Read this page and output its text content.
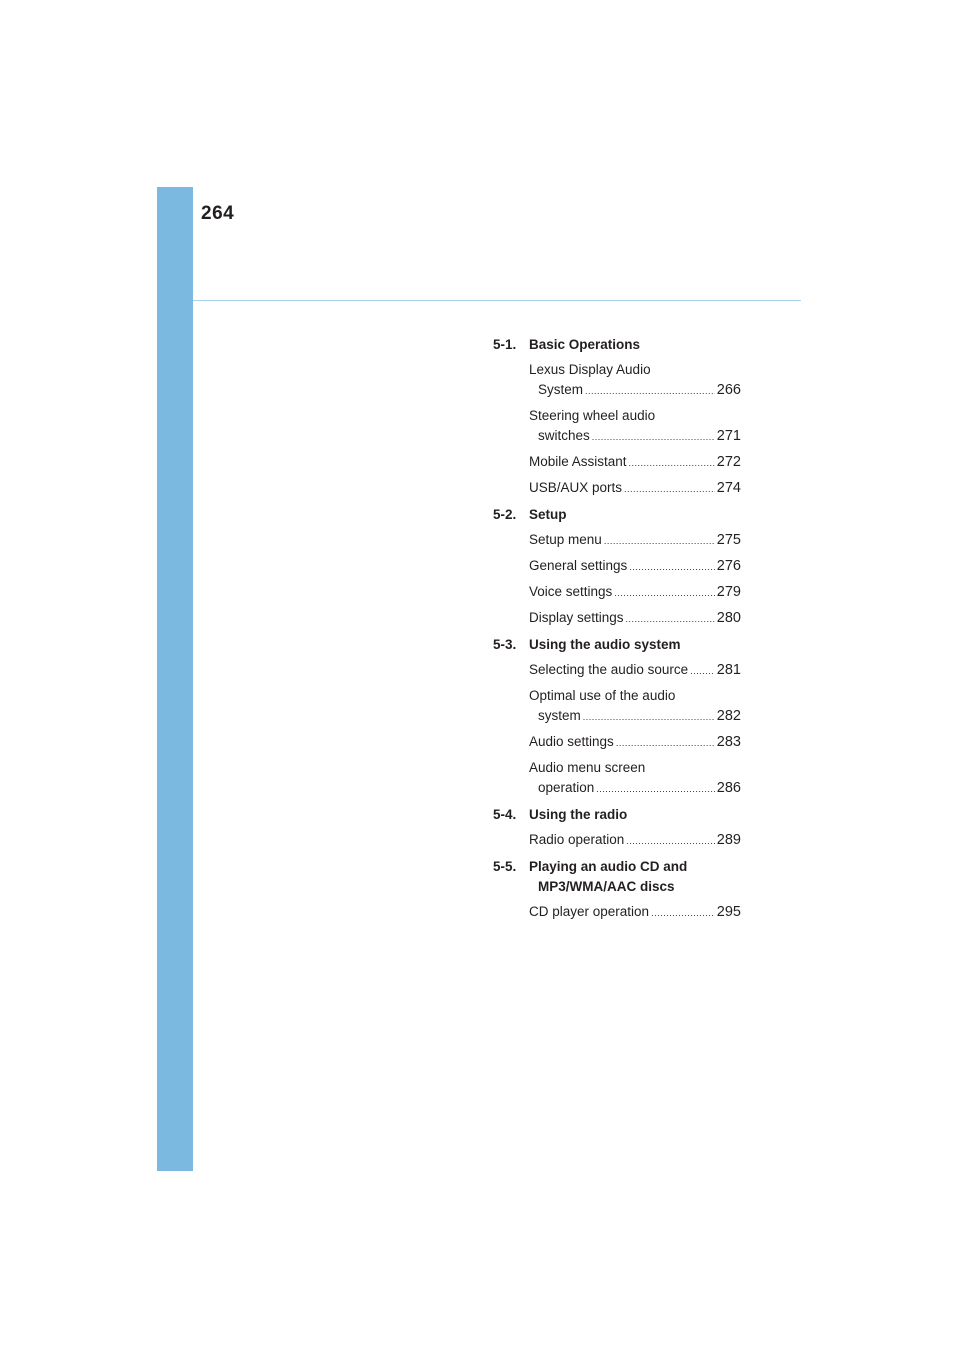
264
5-1. Basic Operations
Lexus Display Audio
System .....	266
Steering wheel audio
switches .....	271
Mobile Assistant .....	272
USB/AUX ports .....	274
5-2. Setup
Setup menu .....	275
General settings .....	276
Voice settings .....	279
Display settings .....	280
5-3. Using the audio system
Selecting the audio source ..... 281
Optimal use of the audio
system .....	282
Audio settings .....	283
Audio menu screen
operation .....	286
5-4. Using the radio
Radio operation .....	289
5-5. Playing an audio CD and
MP3/WMA/AAC discs
CD player operation .....	295
